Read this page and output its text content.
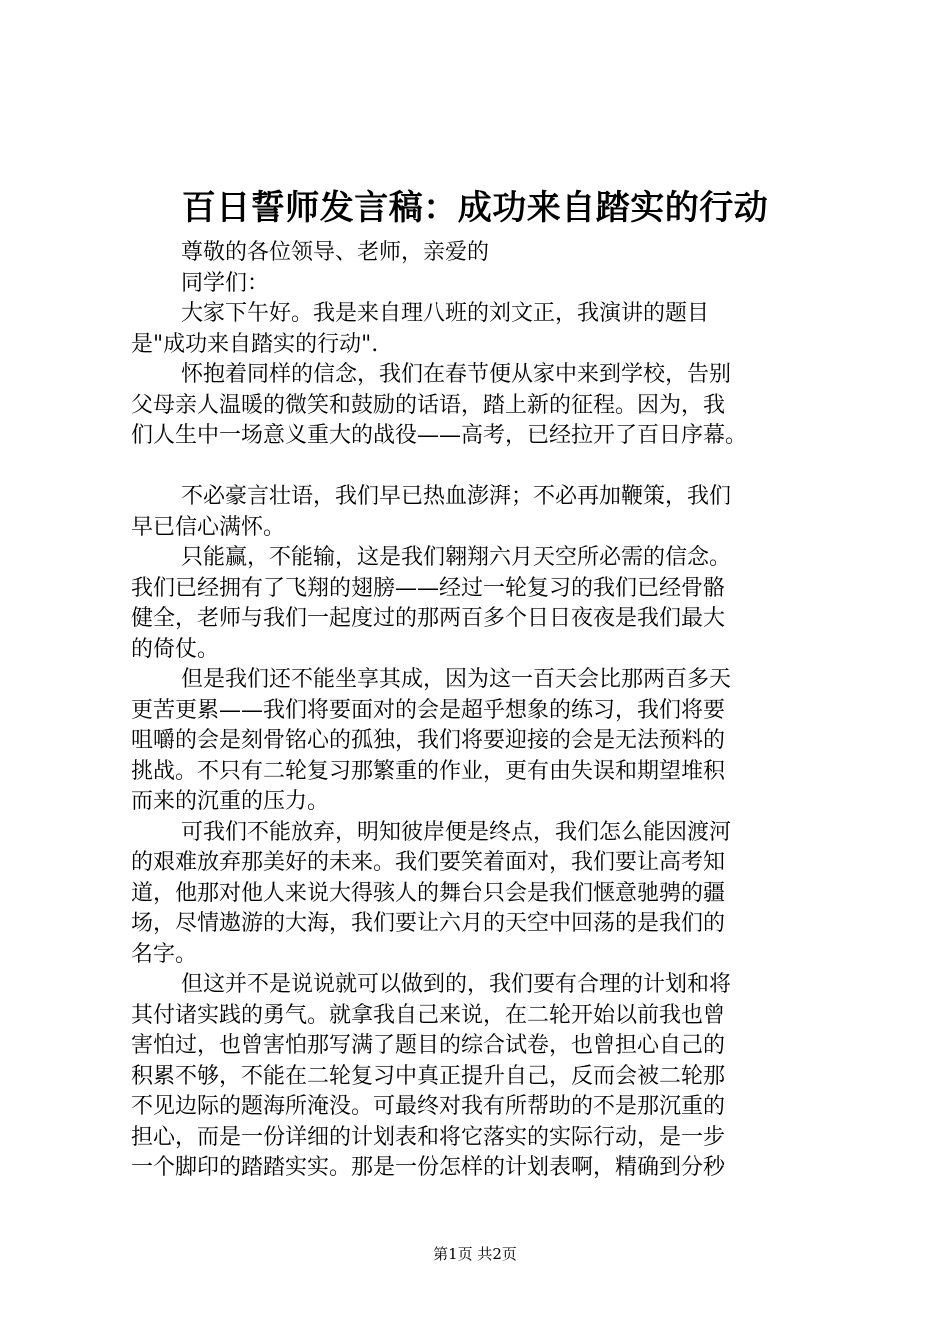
百日誓师发言稿：成功来自踏实的行动
尊敬的各位领导、老师，亲爱的
同学们：
大家下午好。我是来自理八班的刘文正，我演讲的题目
是"成功来自踏实的行动".
怀抱着同样的信念，我们在春节便从家中来到学校，告别
父母亲人温暖的微笑和鼓励的话语，踏上新的征程。因为，我
们人生中一场意义重大的战役——高考，已经拉开了百日序幕。
不必豪言壮语，我们早已热血澎湃；不必再加鞭策，我们
早已信心满怀。
只能赢，不能输，这是我们翱翔六月天空所必需的信念。
我们已经拥有了飞翔的翅膀——经过一轮复习的我们已经骨骼
健全，老师与我们一起度过的那两百多个日日夜夜是我们最大
的倚仗。
但是我们还不能坐享其成，因为这一百天会比那两百多天
更苦更累——我们将要面对的会是超乎想象的练习，我们将要
咀嚼的会是刻骨铭心的孤独，我们将要迎接的会是无法预料的
挑战。不只有二轮复习那繁重的作业，更有由失误和期望堆积
而来的沉重的压力。
可我们不能放弃，明知彼岸便是终点，我们怎么能因渡河
的艰难放弃那美好的未来。我们要笑着面对，我们要让高考知
道，他那对他人来说大得骇人的舞台只会是我们惬意驰骋的疆
场，尽情遨游的大海，我们要让六月的天空中回荡的是我们的
名字。
但这并不是说说就可以做到的，我们要有合理的计划和将
其付诸实践的勇气。就拿我自己来说，在二轮开始以前我也曾
害怕过，也曾害怕那写满了题目的综合试卷，也曾担心自己的
积累不够，不能在二轮复习中真正提升自己，反而会被二轮那
不见边际的题海所淹没。可最终对我有所帮助的不是那沉重的
担心，而是一份详细的计划表和将它落实的实际行动，是一步
一个脚印的踏踏实实。那是一份怎样的计划表啊，精确到分秒
第1页 共2页
